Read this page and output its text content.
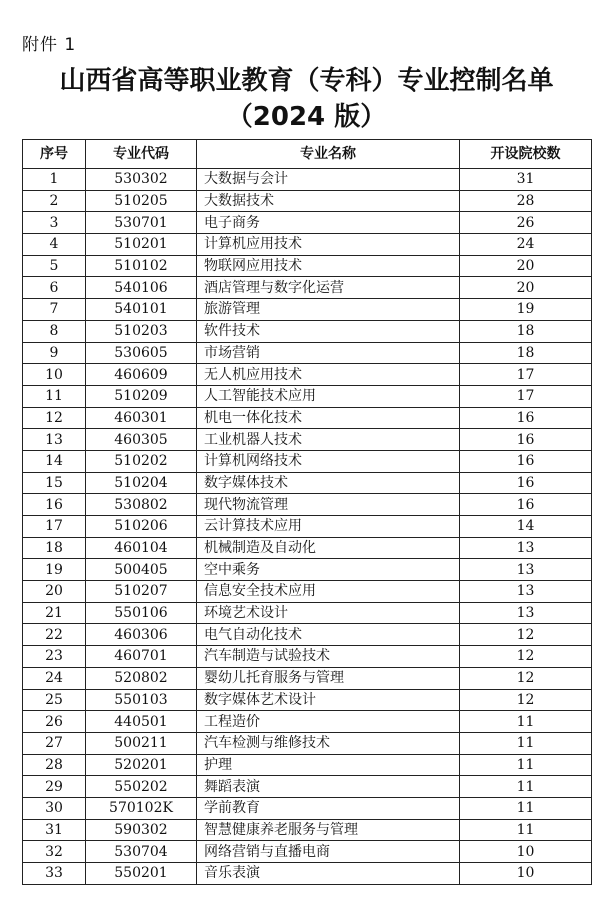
附件 1
山西省高等职业教育（专科）专业控制名单
（2024 版）
序号	专业代码	专业名称	开设院校数
1	530302	大数据与会计	31
2	510205	大数据技术	28
3	530701	电子商务	26
4	510201	计算机应用技术	24
5	510102	物联网应用技术	20
6	540106	酒店管理与数字化运营	20
7	540101	旅游管理	19
8	510203	软件技术	18
9	530605	市场营销	18
10	460609	无人机应用技术	17
11	510209	人工智能技术应用	17
12	460301	机电一体化技术	16
13	460305	工业机器人技术	16
14	510202	计算机网络技术	16
15	510204	数字媒体技术	16
16	530802	现代物流管理	16
17	510206	云计算技术应用	14
18	460104	机械制造及自动化	13
19	500405	空中乘务	13
20	510207	信息安全技术应用	13
21	550106	环境艺术设计	13
22	460306	电气自动化技术	12
23	460701	汽车制造与试验技术	12
24	520802	婴幼儿托育服务与管理	12
25	550103	数字媒体艺术设计	12
26	440501	工程造价	11
27	500211	汽车检测与维修技术	11
28	520201	护理	11
29	550202	舞蹈表演	11
30	570102K	学前教育	11
31	590302	智慧健康养老服务与管理	11
32	530704	网络营销与直播电商	10
33	550201	音乐表演	10
